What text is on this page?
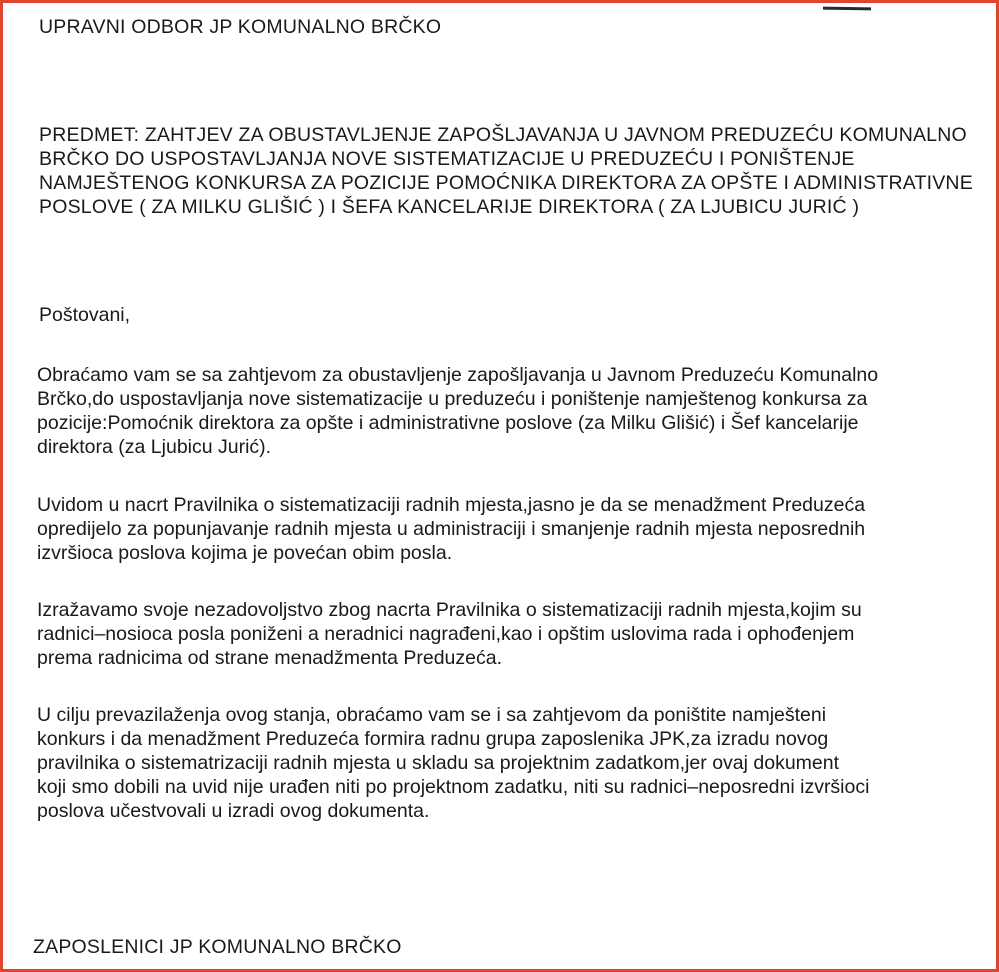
UPRAVNI ODBOR JP KOMUNALNO BRČKO

PREDMET: ZAHTJEV ZA OBUSTAVLJENJE ZAPOŠLJAVANJA U JAVNOM PREDUZEĆU KOMUNALNO
BRČKO DO USPOSTAVLJANJA NOVE SISTEMATIZACIJE U PREDUZEĆU I PONIŠTENJE
NAMJEŠTENOG KONKURSA ZA POZICIJE POMOĆNIKA DIREKTORA ZA OPŠTE I ADMINISTRATIVNE
POSLOVE ( ZA MILKU GLIŠIĆ ) I ŠEFA KANCELARIJE DIREKTORA ( ZA LJUBICU JURIĆ )

Poštovani,

Obraćamo vam se sa zahtjevom za obustavljenje zapošljavanja u Javnom Preduzeću Komunalno
Brčko,do uspostavljanja nove sistematizacije u preduzeću i poništenje namještenog konkursa za
pozicije:Pomoćnik direktora za opšte i administrativne poslove (za Milku Glišić) i Šef kancelarije
direktora (za Ljubicu Jurić).
Uvidom u nacrt Pravilnika o sistematizaciji radnih mjesta,jasno je da se menadžment Preduzeća
opredijelo za popunjavanje radnih mjesta u administraciji i smanjenje radnih mjesta neposrednih
izvršioca poslova kojima je povećan obim posla.
Izražavamo svoje nezadovoljstvo zbog nacrta Pravilnika o sistematizaciji radnih mjesta,kojim su
radnici–nosioca posla poniženi a neradnici nagrađeni,kao i opštim uslovima rada i ophođenjem
prema radnicima od strane menadžmenta Preduzeća.
U cilju prevazilaženja ovog stanja, obraćamo vam se i sa zahtjevom da poništite namješteni
konkurs i da menadžment Preduzeća formira radnu grupa zaposlenika JPK,za izradu novog
pravilnika o sistematrizaciji radnih mjesta u skladu sa projektnim zadatkom,jer ovaj dokument
koji smo dobili na uvid nije urađen niti po projektnom zadatku, niti su radnici–neposredni izvršioci
poslova učestvovali u izradi ovog dokumenta.

ZAPOSLENICI JP KOMUNALNO BRČKO
